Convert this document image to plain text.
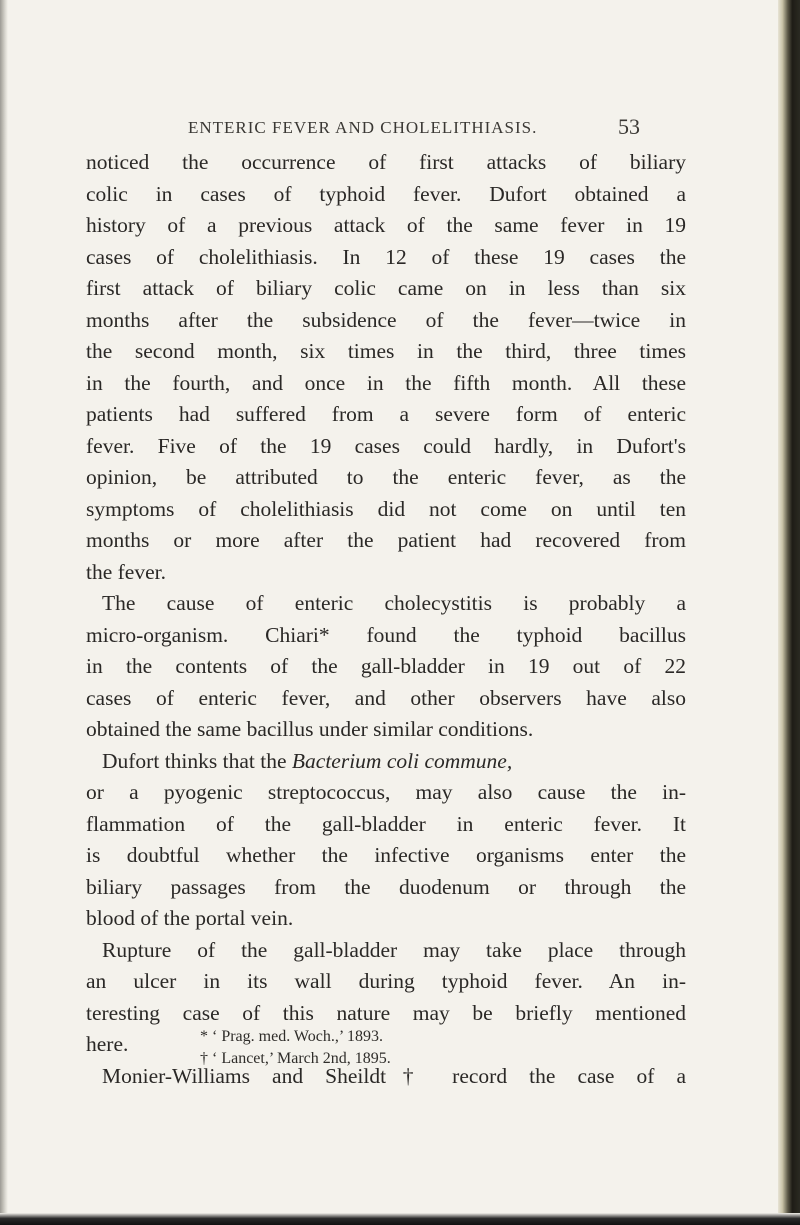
ENTERIC FEVER AND CHOLELITHIASIS.	53
noticed the occurrence of first attacks of biliary
colic in cases of typhoid fever. Dufort obtained a
history of a previous attack of the same fever in 19
cases of cholelithiasis. In 12 of these 19 cases the
first attack of biliary colic came on in less than six
months after the subsidence of the fever—twice in
the second month, six times in the third, three times
in the fourth, and once in the fifth month. All these
patients had suffered from a severe form of enteric
fever. Five of the 19 cases could hardly, in Dufort's
opinion, be attributed to the enteric fever, as the
symptoms of cholelithiasis did not come on until ten
months or more after the patient had recovered from
the fever.
The cause of enteric cholecystitis is probably a
micro-organism. Chiari* found the typhoid bacillus
in the contents of the gall-bladder in 19 out of 22
cases of enteric fever, and other observers have also
obtained the same bacillus under similar conditions.
Dufort thinks that the Bacterium coli commune,
or a pyogenic streptococcus, may also cause the in-
flammation of the gall-bladder in enteric fever. It
is doubtful whether the infective organisms enter the
biliary passages from the duodenum or through the
blood of the portal vein.
Rupture of the gall-bladder may take place through
an ulcer in its wall during typhoid fever. An in-
teresting case of this nature may be briefly mentioned
here.
Monier-Williams and Sheildt† record the case of a
* ‘ Prag. med. Woch.,’ 1893.
† ‘ Lancet,’ March 2nd, 1895.
